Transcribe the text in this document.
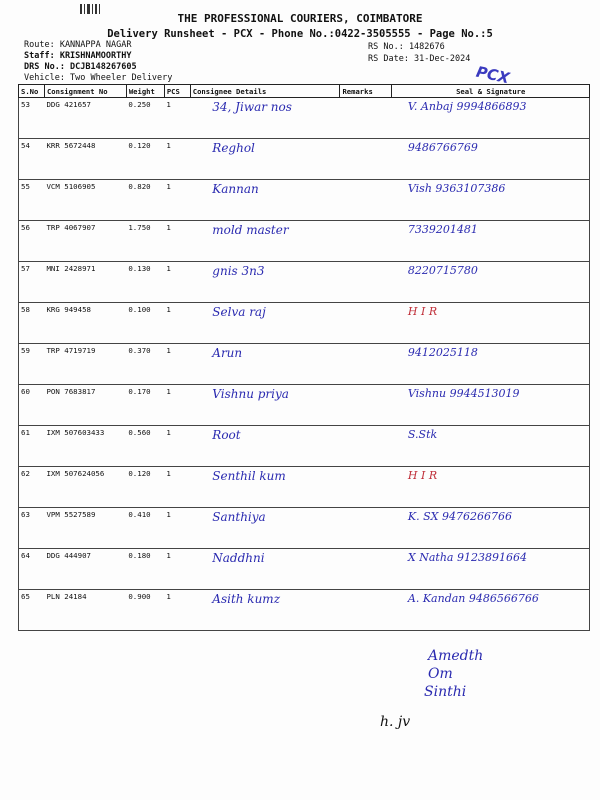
THE PROFESSIONAL COURIERS, COIMBATORE
Delivery Runsheet - PCX - Phone No.:0422-3505555 - Page No.:5
Route: KANNAPPA NAGAR
Staff: KRISHNAMOORTHY
DRS No.: DCJB148267605
Vehicle: Two Wheeler Delivery
RS No.: 1482676
RS Date: 31-Dec-2024
PCX
S.No	Consignment No	Weight	PCS	Consignee Details	Remarks	Seal & Signature
53	DDG 421657	0.250	1	34, Jiwar nos		V. Anbaj 9994866893
54	KRR 5672448	0.120	1	Reghol		9486766769
55	VCM 5106905	0.820	1	Kannan		Vish 9363107386
56	TRP 4067907	1.750	1	mold master		7339201481
57	MNI 2428971	0.130	1	gnis 3n3		8220715780
58	KRG 949458	0.100	1	Selva raj		H I R
59	TRP 4719719	0.370	1	Arun		9412025118
60	PON 7683817	0.170	1	Vishnu priya		Vishnu 9944513019
61	IXM 507603433	0.560	1	Root		S.Stk
62	IXM 507624056	0.120	1	Senthil kum		H I R
63	VPM 5527589	0.410	1	Santhiya		K. SX 9476266766
64	DDG 444907	0.180	1	Naddhni		X Natha 9123891664
65	PLN 24184	0.900	1	Asith kumz		A. Kandan 9486566766
Amedth
Om
Sinthi
h. jv
